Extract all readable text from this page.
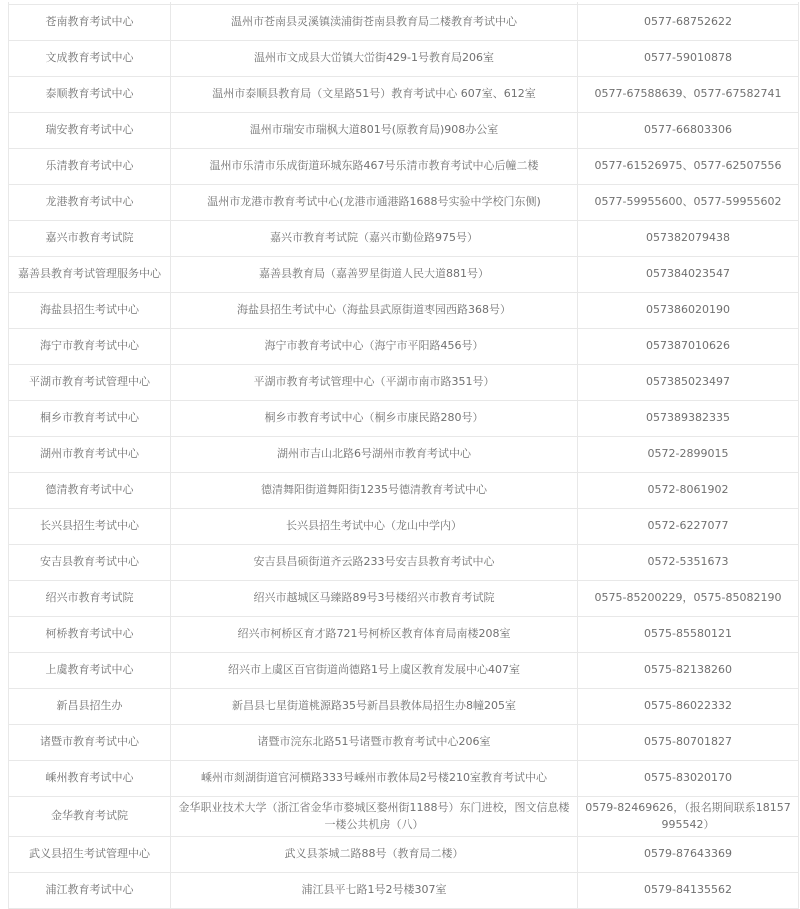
苍南教育考试中心	温州市苍南县灵溪镇渎浦街苍南县教育局二楼教育考试中心	0577-68752622
文成教育考试中心	温州市文成县大峃镇大峃街429-1号教育局206室	0577-59010878
泰顺教育考试中心	温州市泰顺县教育局（文星路51号）教育考试中心 607室、612室	0577-67588639、0577-67582741
瑞安教育考试中心	温州市瑞安市瑞枫大道801号(原教育局)908办公室	0577-66803306
乐清教育考试中心	温州市乐清市乐成街道环城东路467号乐清市教育考试中心后幢二楼	0577-61526975、0577-62507556
龙港教育考试中心	温州市龙港市教育考试中心(龙港市通港路1688号实验中学校门东侧)	0577-59955600、0577-59955602
嘉兴市教育考试院	嘉兴市教育考试院（嘉兴市勤俭路975号）	057382079438
嘉善县教育考试管理服务中心	嘉善县教育局（嘉善罗星街道人民大道881号）	057384023547
海盐县招生考试中心	海盐县招生考试中心（海盐县武原街道枣园西路368号）	057386020190
海宁市教育考试中心	海宁市教育考试中心（海宁市平阳路456号）	057387010626
平湖市教育考试管理中心	平湖市教育考试管理中心（平湖市南市路351号）	057385023497
桐乡市教育考试中心	桐乡市教育考试中心（桐乡市康民路280号）	057389382335
湖州市教育考试中心	湖州市吉山北路6号湖州市教育考试中心	0572-2899015
德清教育考试中心	德清舞阳街道舞阳街1235号德清教育考试中心	0572-8061902
长兴县招生考试中心	长兴县招生考试中心（龙山中学内）	0572-6227077
安吉县教育考试中心	安吉县昌硕街道齐云路233号安吉县教育考试中心	0572-5351673
绍兴市教育考试院	绍兴市越城区马臻路89号3号楼绍兴市教育考试院	0575-85200229，0575-85082190
柯桥教育考试中心	绍兴市柯桥区育才路721号柯桥区教育体育局南楼208室	0575-85580121
上虞教育考试中心	绍兴市上虞区百官街道尚德路1号上虞区教育发展中心407室	0575-82138260
新昌县招生办	新昌县七星街道桃源路35号新昌县教体局招生办8幢205室	0575-86022332
诸暨市教育考试中心	诸暨市浣东北路51号诸暨市教育考试中心206室	0575-80701827
嵊州教育考试中心	嵊州市剡湖街道官河横路333号嵊州市教体局2号楼210室教育考试中心	0575-83020170
金华教育考试院	金华职业技术大学（浙江省金华市婺城区婺州街1188号）东门进校，图文信息楼一楼公共机房（八）	0579-82469626，（报名期间联系18157995542）
武义县招生考试管理中心	武义县茶城二路88号（教育局二楼）	0579-87643369
浦江教育考试中心	浦江县平七路1号2号楼307室	0579-84135562
